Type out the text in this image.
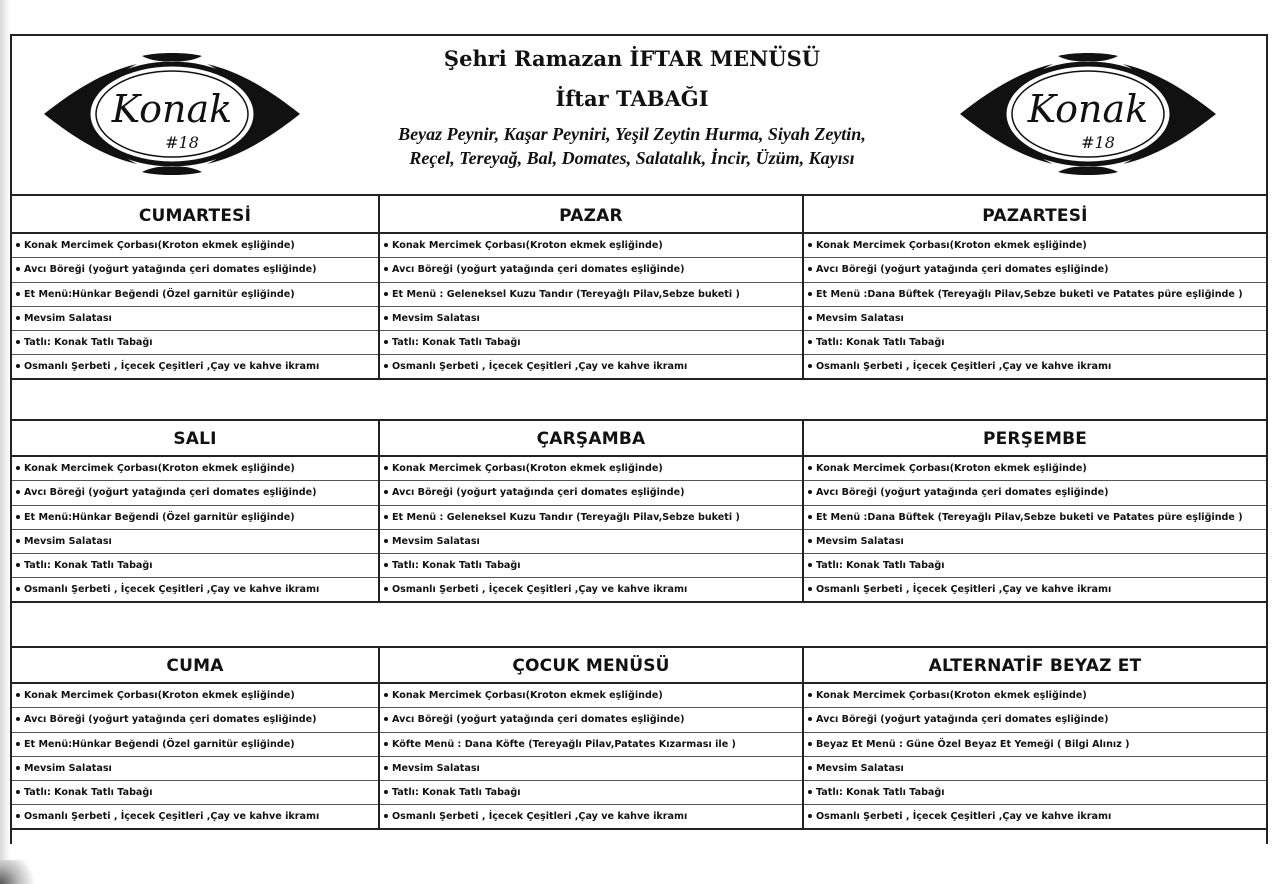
Konak
#18
Şehri Ramazan İFTAR MENÜSÜ
İftar TABAĞI
Beyaz Peynir, Kaşar Peyniri, Yeşil Zeytin Hurma, Siyah Zeytin,
Reçel, Tereyağ, Bal, Domates, Salatalık, İncir, Üzüm, Kayısı
Konak
#18
CUMARTESİ
Konak Mercimek Çorbası(Kroton ekmek eşliğinde)
Avcı Böreği (yoğurt yatağında çeri domates eşliğinde)
Et Menü:Hünkar Beğendi (Özel garnitür eşliğinde)
Mevsim Salatası
Tatlı: Konak Tatlı Tabağı
Osmanlı Şerbeti , İçecek Çeşitleri ,Çay ve kahve ikramı
PAZAR
Konak Mercimek Çorbası(Kroton ekmek eşliğinde)
Avcı Böreği (yoğurt yatağında çeri domates eşliğinde)
Et Menü : Geleneksel Kuzu Tandır (Tereyağlı Pilav,Sebze buketi )
Mevsim Salatası
Tatlı: Konak Tatlı Tabağı
Osmanlı Şerbeti , İçecek Çeşitleri ,Çay ve kahve ikramı
PAZARTESİ
Konak Mercimek Çorbası(Kroton ekmek eşliğinde)
Avcı Böreği (yoğurt yatağında çeri domates eşliğinde)
Et Menü :Dana Büftek (Tereyağlı Pilav,Sebze buketi ve Patates püre eşliğinde )
Mevsim Salatası
Tatlı: Konak Tatlı Tabağı
Osmanlı Şerbeti , İçecek Çeşitleri ,Çay ve kahve ikramı
SALI
Konak Mercimek Çorbası(Kroton ekmek eşliğinde)
Avcı Böreği (yoğurt yatağında çeri domates eşliğinde)
Et Menü:Hünkar Beğendi (Özel garnitür eşliğinde)
Mevsim Salatası
Tatlı: Konak Tatlı Tabağı
Osmanlı Şerbeti , İçecek Çeşitleri ,Çay ve kahve ikramı
ÇARŞAMBA
Konak Mercimek Çorbası(Kroton ekmek eşliğinde)
Avcı Böreği (yoğurt yatağında çeri domates eşliğinde)
Et Menü : Geleneksel Kuzu Tandır (Tereyağlı Pilav,Sebze buketi )
Mevsim Salatası
Tatlı: Konak Tatlı Tabağı
Osmanlı Şerbeti , İçecek Çeşitleri ,Çay ve kahve ikramı
PERŞEMBE
Konak Mercimek Çorbası(Kroton ekmek eşliğinde)
Avcı Böreği (yoğurt yatağında çeri domates eşliğinde)
Et Menü :Dana Büftek (Tereyağlı Pilav,Sebze buketi ve Patates püre eşliğinde )
Mevsim Salatası
Tatlı: Konak Tatlı Tabağı
Osmanlı Şerbeti , İçecek Çeşitleri ,Çay ve kahve ikramı
CUMA
Konak Mercimek Çorbası(Kroton ekmek eşliğinde)
Avcı Böreği (yoğurt yatağında çeri domates eşliğinde)
Et Menü:Hünkar Beğendi (Özel garnitür eşliğinde)
Mevsim Salatası
Tatlı: Konak Tatlı Tabağı
Osmanlı Şerbeti , İçecek Çeşitleri ,Çay ve kahve ikramı
ÇOCUK MENÜSÜ
Konak Mercimek Çorbası(Kroton ekmek eşliğinde)
Avcı Böreği (yoğurt yatağında çeri domates eşliğinde)
Köfte Menü : Dana Köfte (Tereyağlı Pilav,Patates Kızarması ile )
Mevsim Salatası
Tatlı: Konak Tatlı Tabağı
Osmanlı Şerbeti , İçecek Çeşitleri ,Çay ve kahve ikramı
ALTERNATİF BEYAZ ET
Konak Mercimek Çorbası(Kroton ekmek eşliğinde)
Avcı Böreği (yoğurt yatağında çeri domates eşliğinde)
Beyaz Et Menü : Güne Özel Beyaz Et Yemeği ( Bilgi Alınız )
Mevsim Salatası
Tatlı: Konak Tatlı Tabağı
Osmanlı Şerbeti , İçecek Çeşitleri ,Çay ve kahve ikramı
